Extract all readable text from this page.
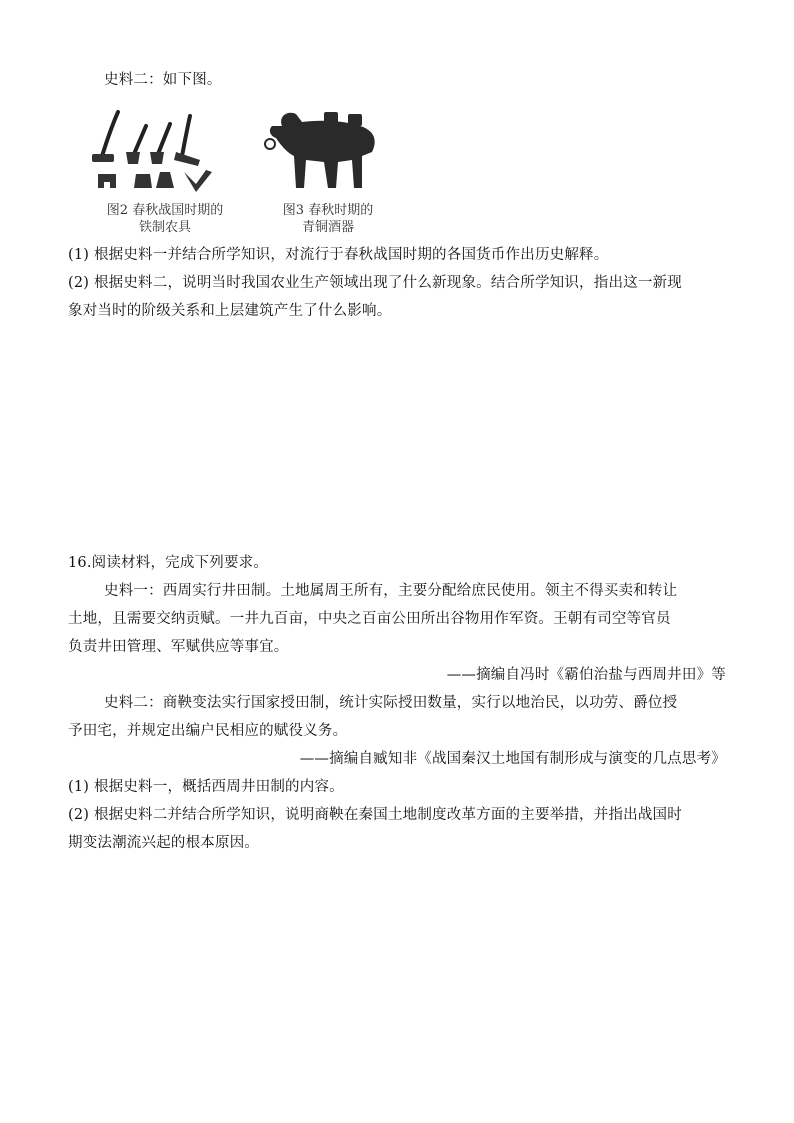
史料二：如下图。
图2 春秋战国时期的
铁制农具
图3 春秋时期的
青铜酒器
(1) 根据史料一并结合所学知识，对流行于春秋战国时期的各国货币作出历史解释。
(2) 根据史料二，说明当时我国农业生产领域出现了什么新现象。结合所学知识，指出这一新现
象对当时的阶级关系和上层建筑产生了什么影响。
16.阅读材料，完成下列要求。
史料一：西周实行井田制。土地属周王所有，主要分配给庶民使用。领主不得买卖和转让
土地，且需要交纳贡赋。一井九百亩，中央之百亩公田所出谷物用作军资。王朝有司空等官员
负责井田管理、军赋供应等事宜。
——摘编自冯时《霸伯治盐与西周井田》等
史料二：商鞅变法实行国家授田制，统计实际授田数量，实行以地治民，以功劳、爵位授
予田宅，并规定出编户民相应的赋役义务。
——摘编自臧知非《战国秦汉土地国有制形成与演变的几点思考》
(1) 根据史料一，概括西周井田制的内容。
(2) 根据史料二并结合所学知识，说明商鞅在秦国土地制度改革方面的主要举措，并指出战国时
期变法潮流兴起的根本原因。
